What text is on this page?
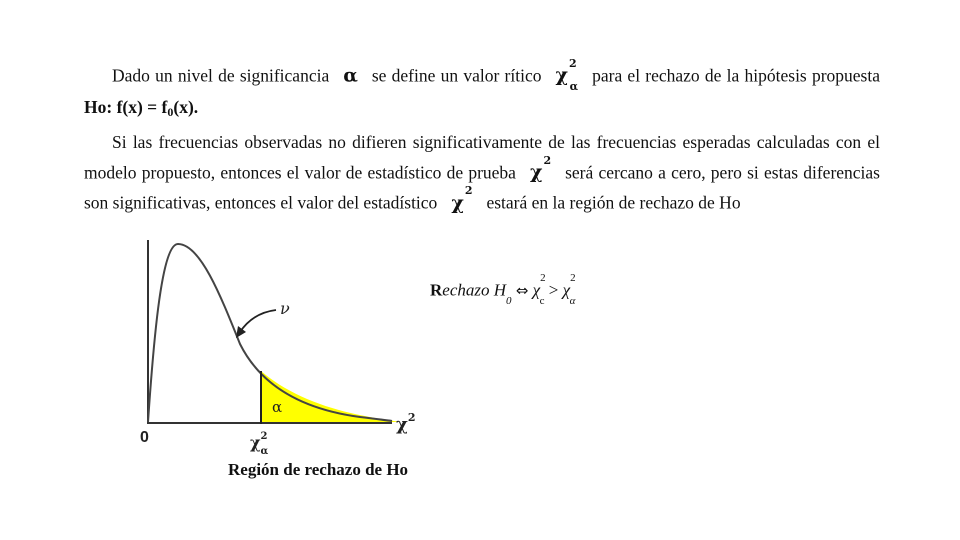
Dado un nivel de significancia α se define un valor rítico $\chi^2_\alpha para$ el rechazo de la hipótesis propuesta Ho: f(x) = f0(x).
Si las frecuencias observadas no difieren significativamente de las frecuencias esperadas calculadas con el modelo propuesto, entonces el valor de estadístico de prueba $\chi^2será$ cercano a cero, pero si estas diferencias son significativas, entonces el valor del estadístico $\chi^2estará$ en la región de rechazo de Ho
ν
α
0
$\chi^2$
$\chi^2$ α
Región de rechazo de Ho
Rechazo $H_0$ ⇔ $\chi^2_c > \chi^2_\alpha$
